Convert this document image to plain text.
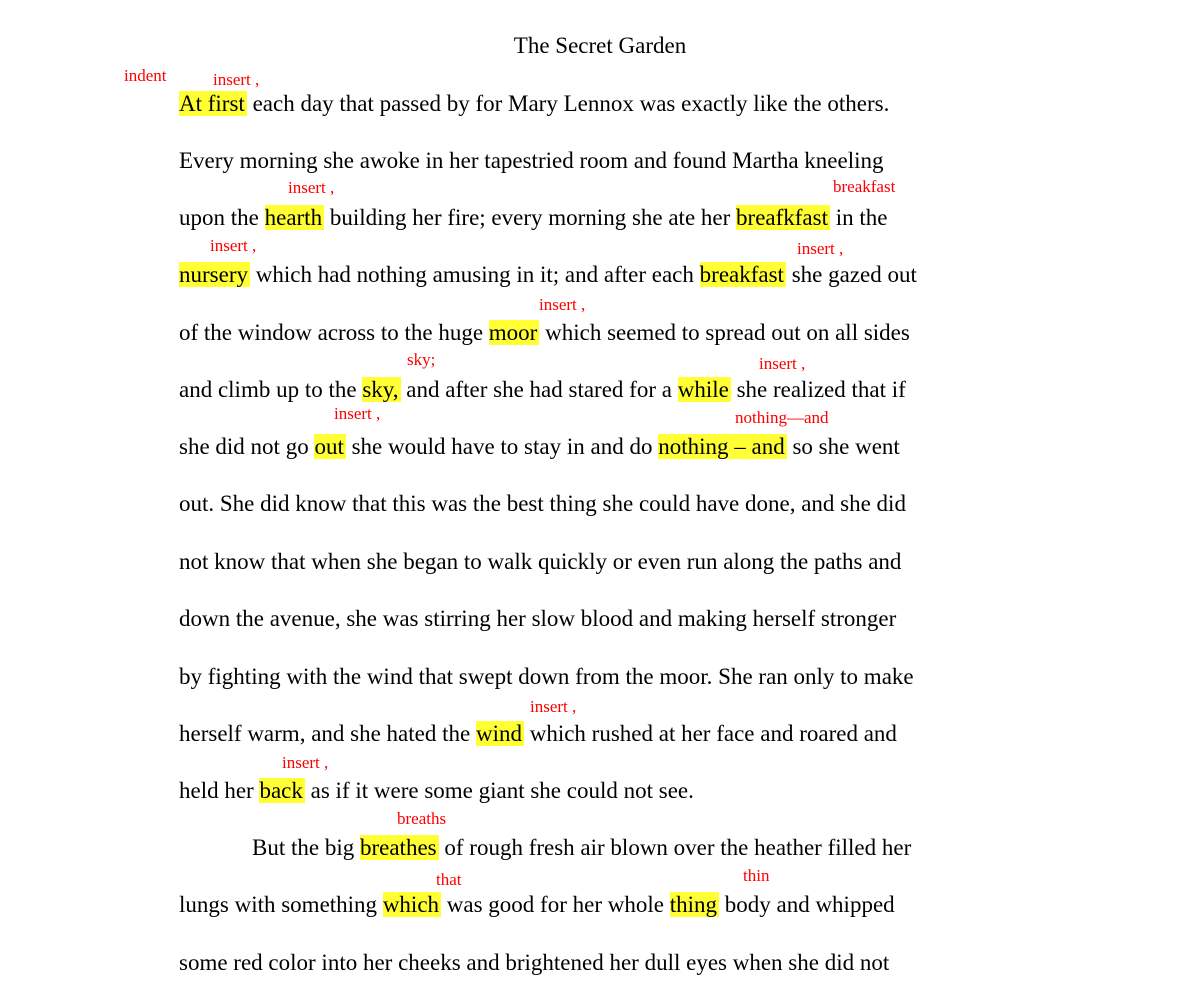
The Secret Garden
At first each day that passed by for Mary Lennox was exactly like the others.
Every morning she awoke in her tapestried room and found Martha kneeling
upon the hearth building her fire; every morning she ate her breafkfast in the
nursery which had nothing amusing in it; and after each breakfast she gazed out
of the window across to the huge moor which seemed to spread out on all sides
and climb up to the sky, and after she had stared for a while she realized that if
she did not go out she would have to stay in and do nothing – and so she went
out. She did know that this was the best thing she could have done, and she did
not know that when she began to walk quickly or even run along the paths and
down the avenue, she was stirring her slow blood and making herself stronger
by fighting with the wind that swept down from the moor. She ran only to make
herself warm, and she hated the wind which rushed at her face and roared and
held her back as if it were some giant she could not see.
But the big breathes of rough fresh air blown over the heather filled her
lungs with something which was good for her whole thing body and whipped
some red color into her cheeks and brightened her dull eyes when she did not
indent	insert ,
insert ,	breakfast
insert ,	insert ,
insert ,
sky;	insert ,
insert ,	nothing—and
insert ,
insert ,
breaths
that	thin
